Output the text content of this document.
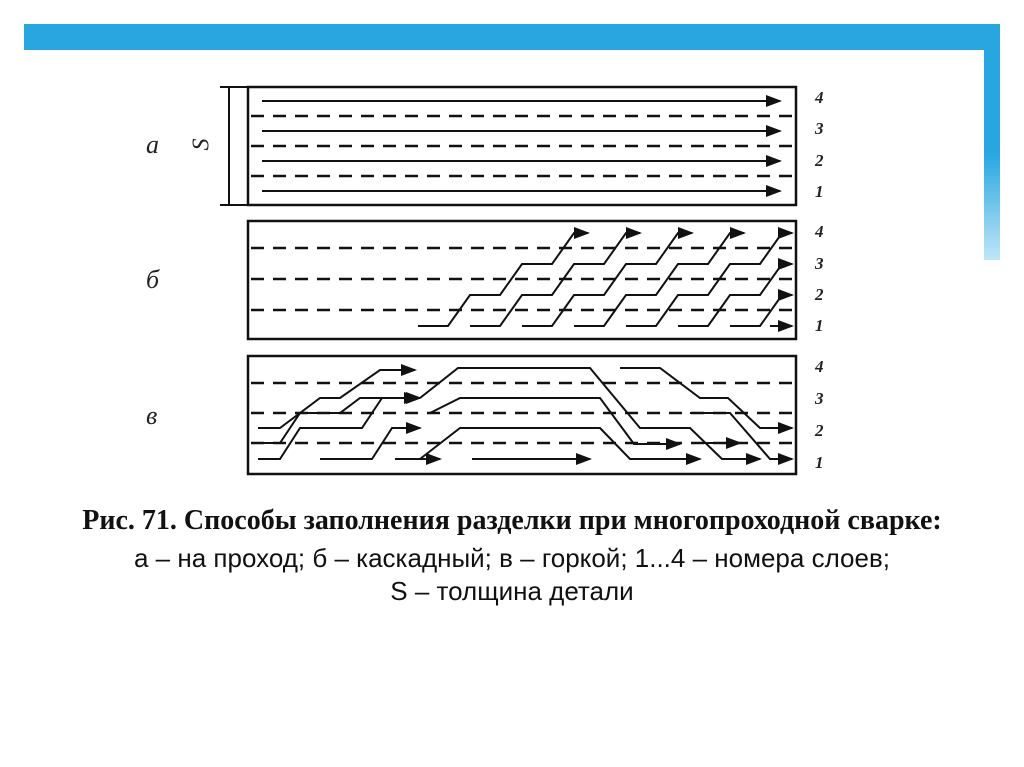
а
б
в
S
4
3
2
1
4
3
2
1
4
3
2
1
Рис. 71. Способы заполнения разделки при многопроходной сварке:
а – на проход; б – каскадный; в – горкой; 1...4 – номера слоев;
S – толщина детали
